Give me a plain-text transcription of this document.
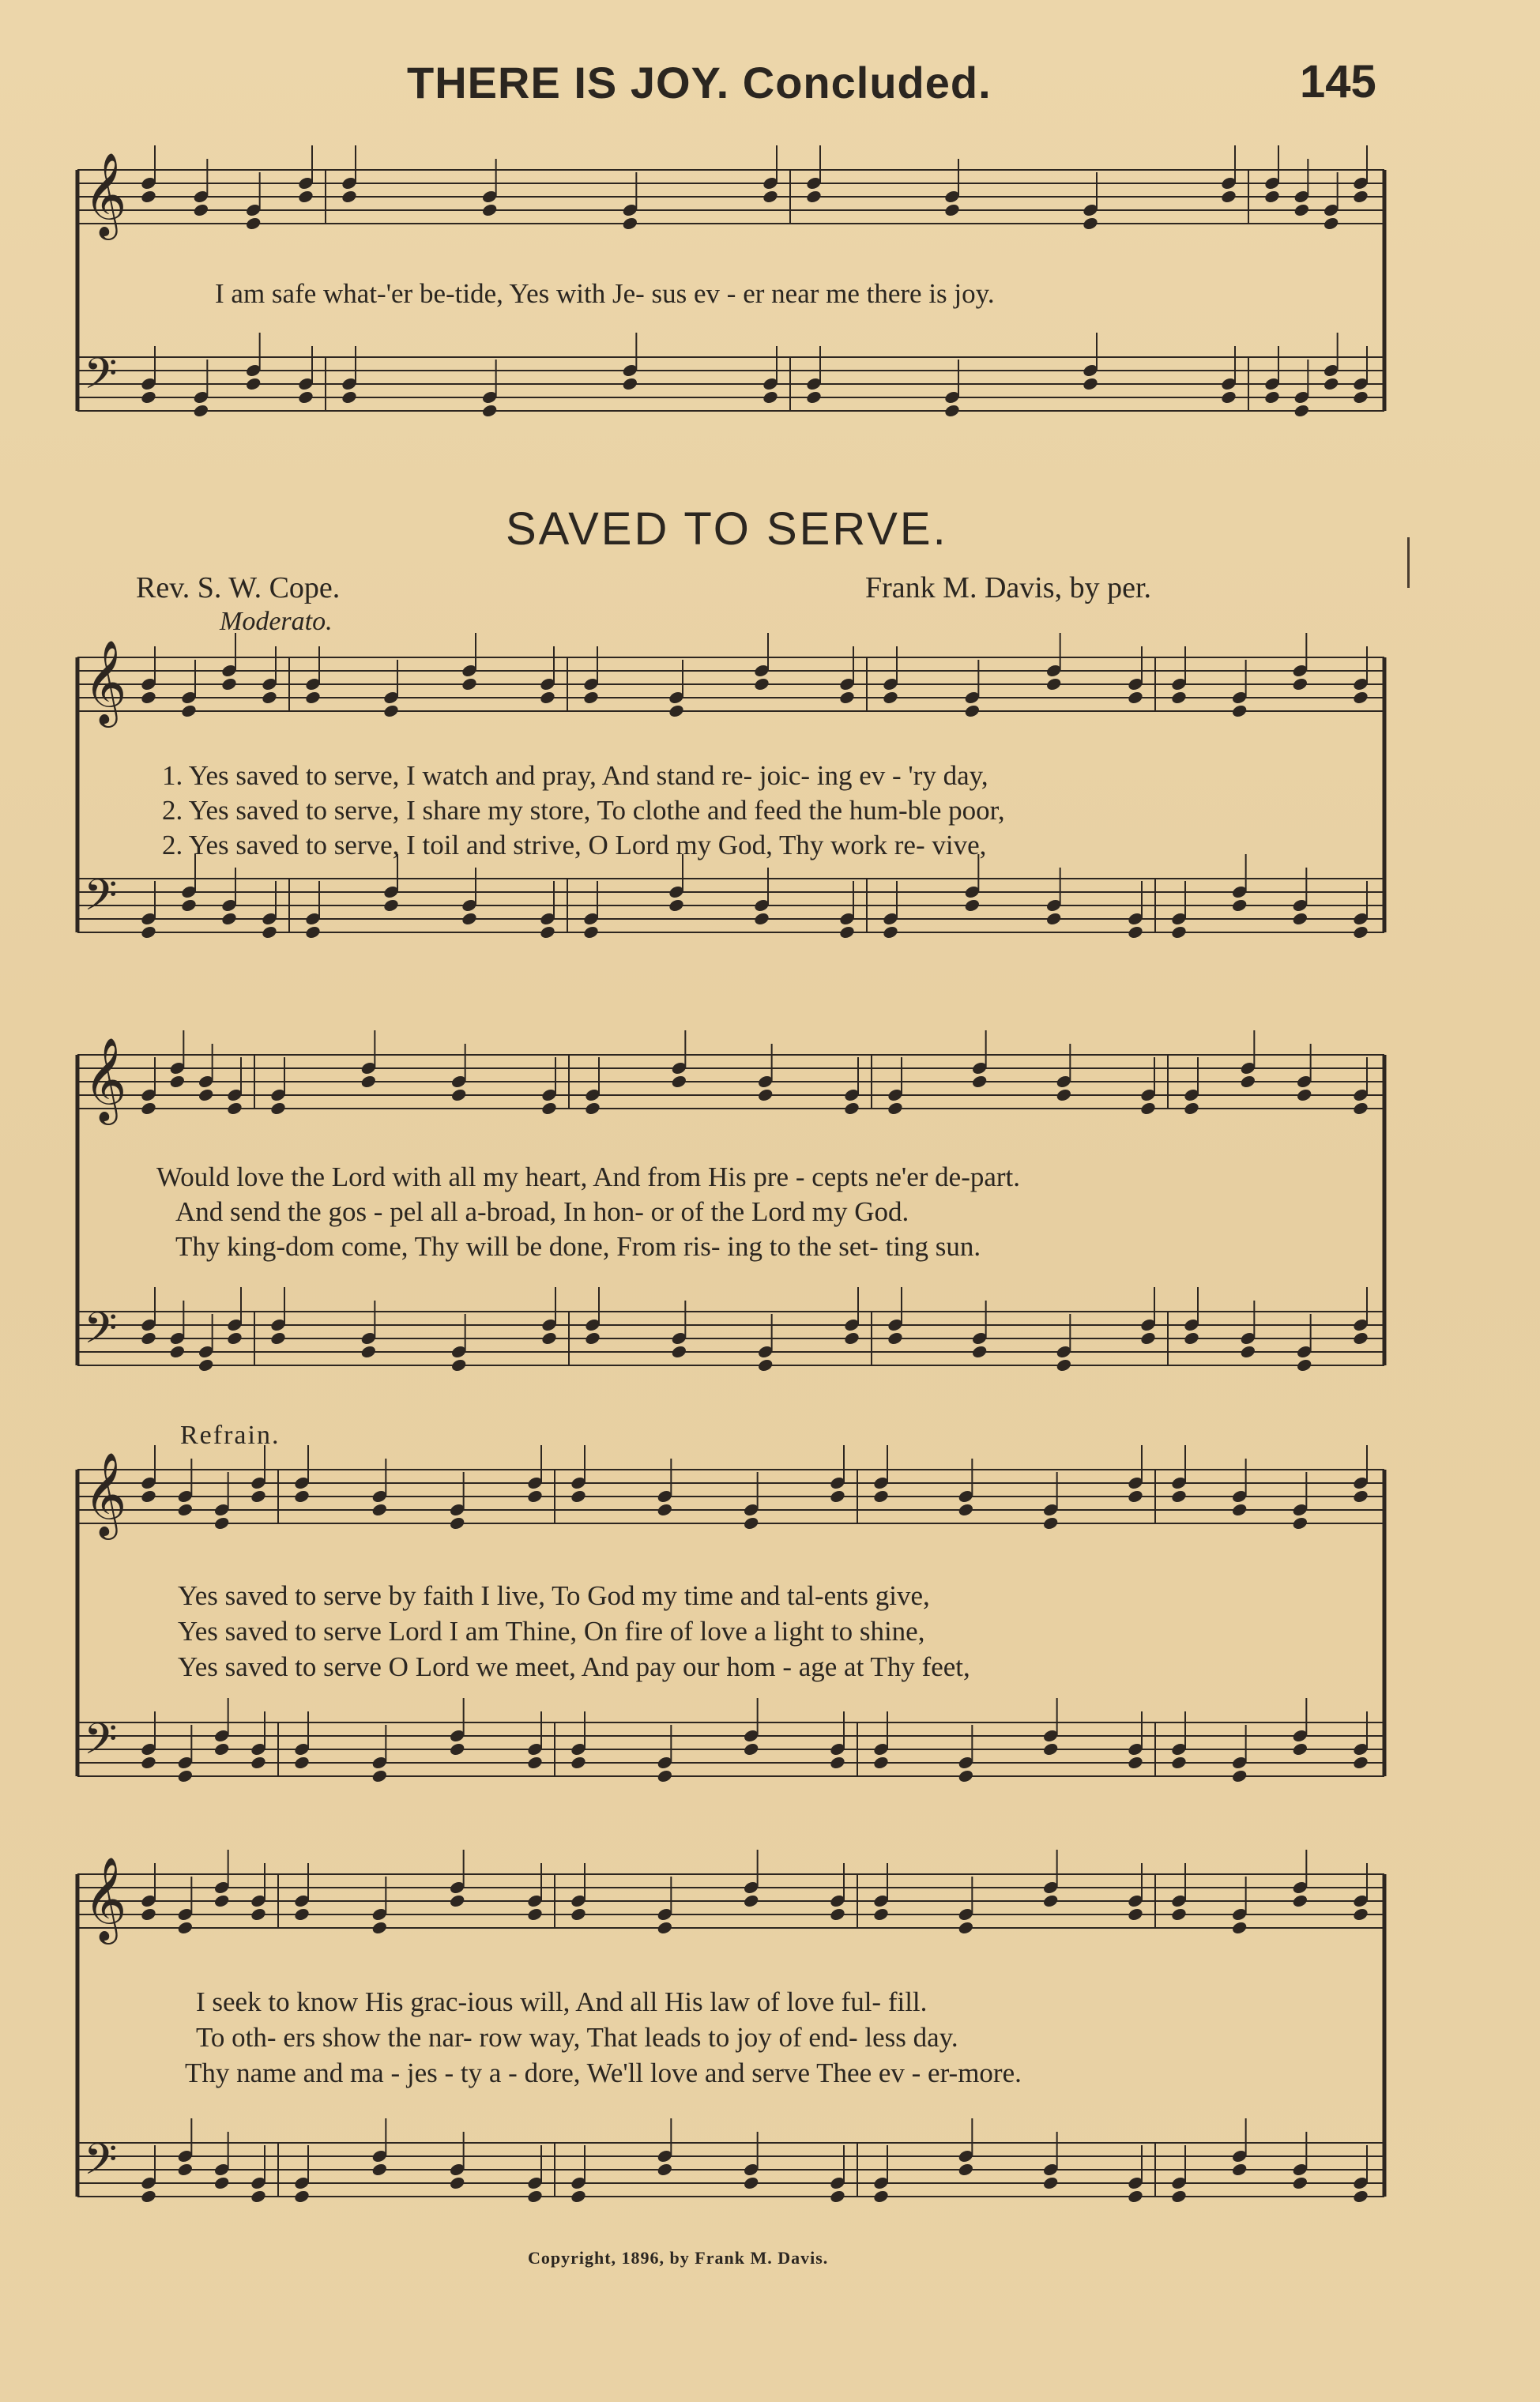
THERE IS JOY. Concluded.	145
𝄞
𝄢
𝄞
𝄢
𝄞
𝄢
𝄞
𝄢
𝄞
𝄢
I am safe what-'er be-tide, Yes with Je- sus ev - er near me there is joy.
SAVED TO SERVE.
Rev. S. W. Cope.	Frank M. Davis, by per.
Moderato.
1. Yes saved to serve, I watch and pray, And stand re- joic- ing ev - 'ry day,
2. Yes saved to serve, I share my store, To clothe and feed the hum-ble poor,
2. Yes saved to serve, I toil and strive, O Lord my God, Thy work re- vive,
Would love the Lord with all my heart, And from His pre - cepts ne'er de-part.
And send the gos - pel all a-broad, In hon- or of the Lord my God.
Thy king-dom come, Thy will be done, From ris- ing to the set- ting sun.
Refrain.
Yes saved to serve by faith I live, To God my time and tal-ents give,
Yes saved to serve Lord I am Thine, On fire of love a light to shine,
Yes saved to serve O Lord we meet, And pay our hom - age at Thy feet,
I seek to know His grac-ious will, And all His law of love ful- fill.
To oth- ers show the nar- row way, That leads to joy of end- less day.
Thy name and ma - jes - ty a - dore, We'll love and serve Thee ev - er-more.
Copyright, 1896, by Frank M. Davis.
